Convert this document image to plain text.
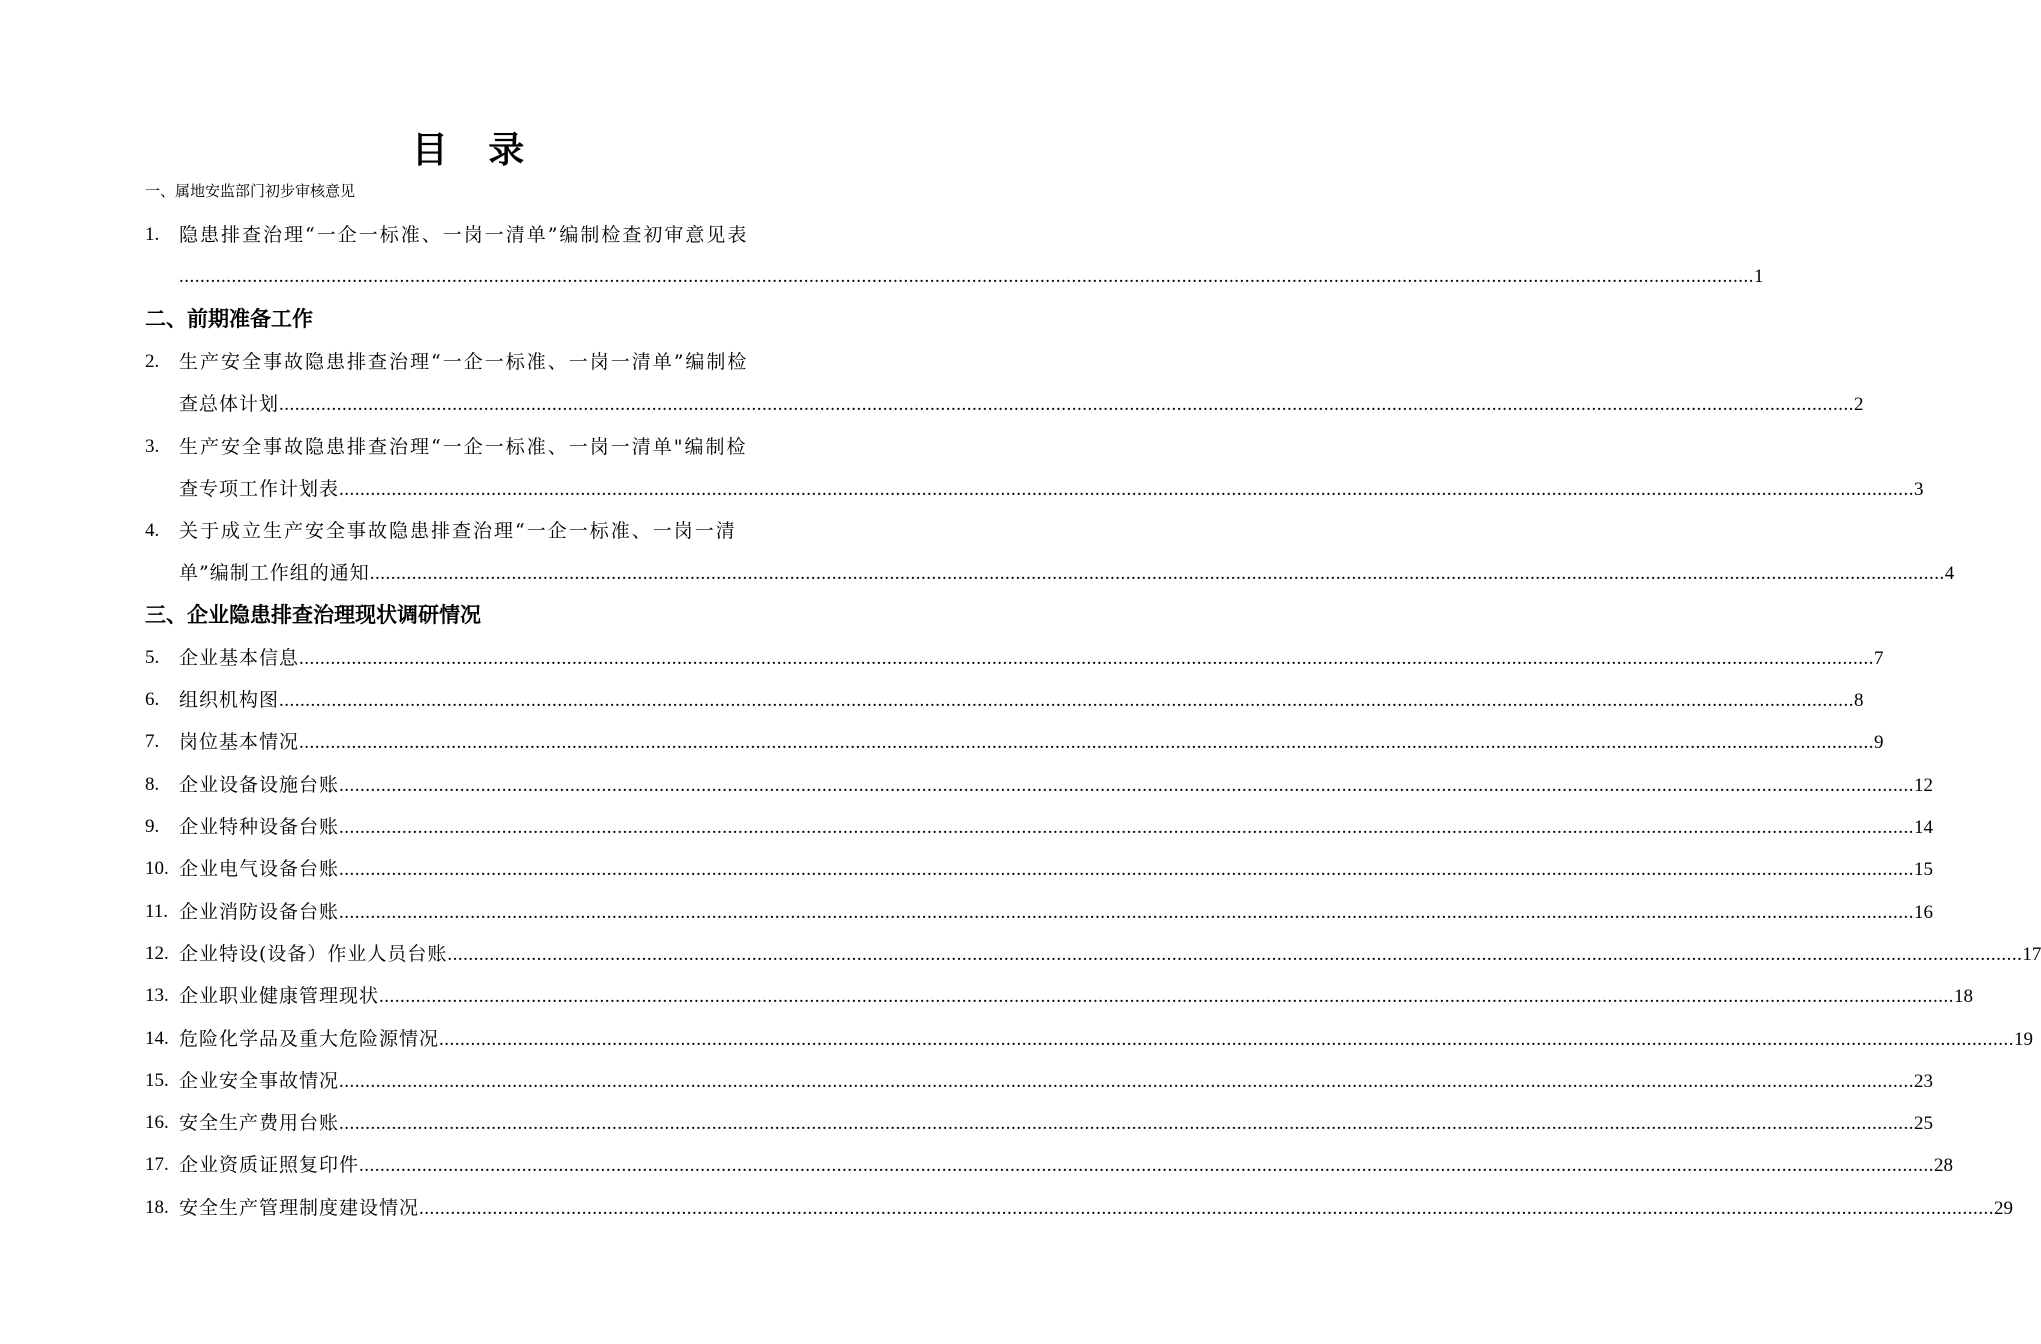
目 录
一、属地安监部门初步审核意见
二、前期准备工作
三、企业隐患排查治理现状调研情况
1. 隐患排查治理“一企一标准、一岗一清单”编制检查初审意见表
............................................................................................................................................................................................................................................................................................................ 1
2. 生产安全事故隐患排查治理“一企一标准、一岗一清单”编制检
查总体计划 ............................................................................................................................................................................................................................................................................................................ 2
3. 生产安全事故隐患排查治理“一企一标准、一岗一清单"编制检
查专项工作计划表 ............................................................................................................................................................................................................................................................................................................ 3
4. 关于成立生产安全事故隐患排查治理“一企一标准、一岗一清
单”编制工作组的通知 ............................................................................................................................................................................................................................................................................................................ 4
5. 企业基本信息 ............................................................................................................................................................................................................................................................................................................ 7
6. 组织机构图 ............................................................................................................................................................................................................................................................................................................ 8
7. 岗位基本情况 ............................................................................................................................................................................................................................................................................................................ 9
8. 企业设备设施台账 ............................................................................................................................................................................................................................................................................................................ 12
9. 企业特种设备台账 ............................................................................................................................................................................................................................................................................................................ 14
10. 企业电气设备台账 ............................................................................................................................................................................................................................................................................................................ 15
11. 企业消防设备台账 ............................................................................................................................................................................................................................................................................................................ 16
12. 企业特设(设备）作业人员台账 ............................................................................................................................................................................................................................................................................................................ 17
13. 企业职业健康管理现状 ............................................................................................................................................................................................................................................................................................................ 18
14. 危险化学品及重大危险源情况 ............................................................................................................................................................................................................................................................................................................ 19
15. 企业安全事故情况 ............................................................................................................................................................................................................................................................................................................ 23
16. 安全生产费用台账 ............................................................................................................................................................................................................................................................................................................ 25
17. 企业资质证照复印件 ............................................................................................................................................................................................................................................................................................................ 28
18. 安全生产管理制度建设情况 ............................................................................................................................................................................................................................................................................................................ 29
